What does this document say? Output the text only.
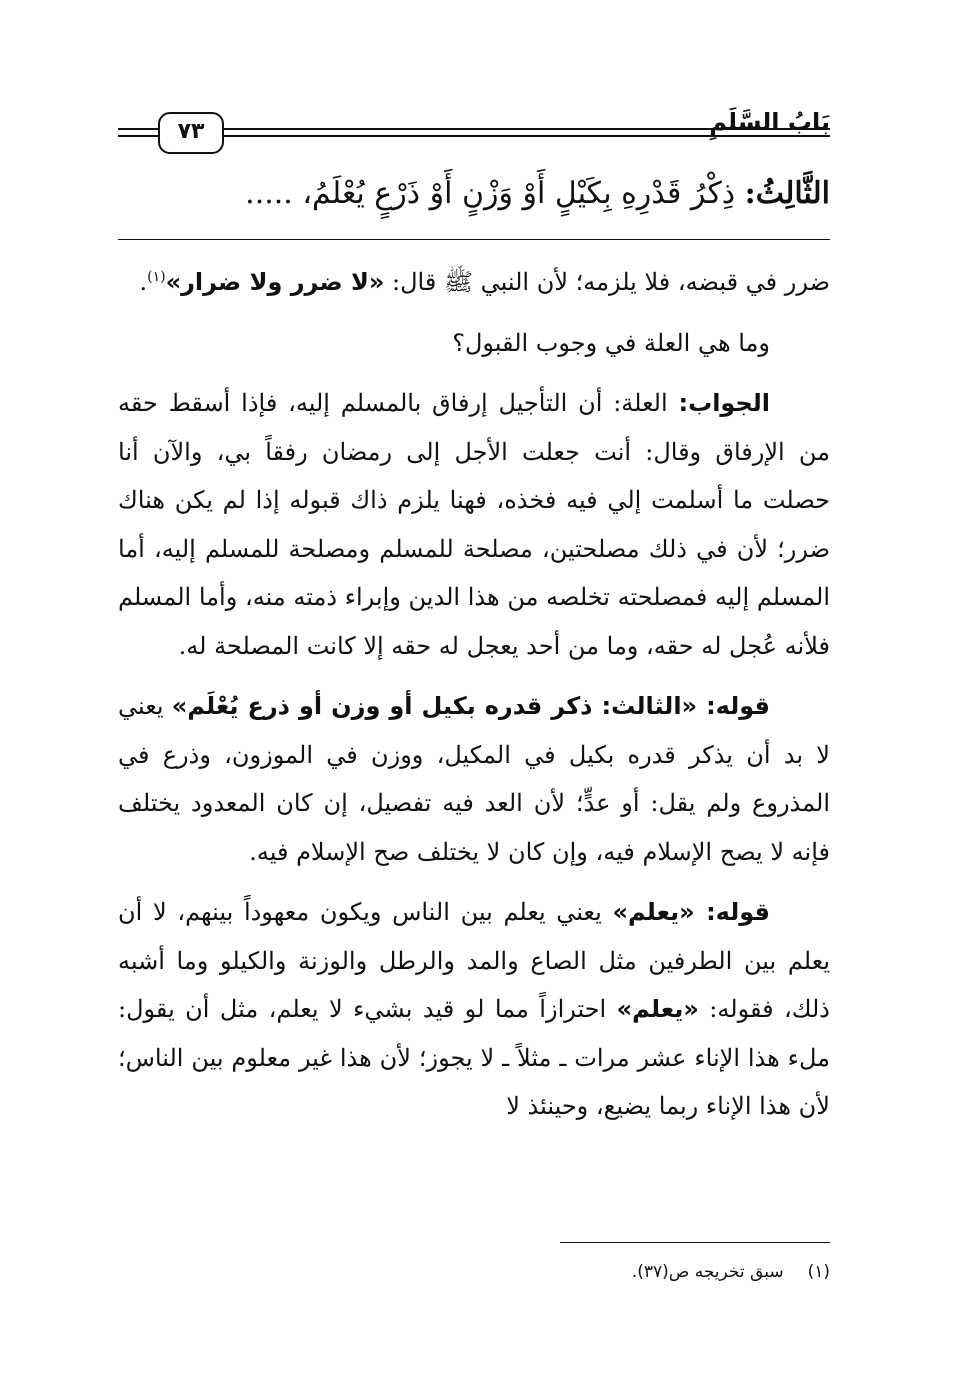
٧٣	بَابُ السَّلَمِ
الثَّالِثُ: ذِكْرُ قَدْرِهِ بِكَيْلٍ أَوْ وَزْنٍ أَوْ ذَرْعٍ يُعْلَمُ، .....

ضرر في قبضه، فلا يلزمه؛ لأن النبي ﷺ قال: «لا ضرر ولا ضرار»$^{(١)}$.

وما هي العلة في وجوب القبول؟

الجواب: العلة: أن التأجيل إرفاق بالمسلم إليه، فإذا أسقط حقه من الإرفاق وقال: أنت جعلت الأجل إلى رمضان رفقاً بي، والآن أنا حصلت ما أسلمت إلي فيه فخذه، فهنا يلزم ذاك قبوله إذا لم يكن هناك ضرر؛ لأن في ذلك مصلحتين، مصلحة للمسلم ومصلحة للمسلم إليه، أما المسلم إليه فمصلحته تخلصه من هذا الدين وإبراء ذمته منه، وأما المسلم فلأنه عُجل له حقه، وما من أحد يعجل له حقه إلا كانت المصلحة له.

قوله: «الثالث: ذكر قدره بكيل أو وزن أو ذرع يُعْلَم» يعني لا بد أن يذكر قدره بكيل في المكيل، ووزن في الموزون، وذرع في المذروع ولم يقل: أو عدٍّ؛ لأن العد فيه تفصيل، إن كان المعدود يختلف فإنه لا يصح الإسلام فيه، وإن كان لا يختلف صح الإسلام فيه.

قوله: «يعلم» يعني يعلم بين الناس ويكون معهوداً بينهم، لا أن يعلم بين الطرفين مثل الصاع والمد والرطل والوزنة والكيلو وما أشبه ذلك، فقوله: «يعلم» احترازاً مما لو قيد بشيء لا يعلم، مثل أن يقول: ملء هذا الإناء عشر مرات ـ مثلاً ـ لا يجوز؛ لأن هذا غير معلوم بين الناس؛ لأن هذا الإناء ربما يضيع، وحينئذ لا

(١)سبق تخريجه ص(٣٧).
